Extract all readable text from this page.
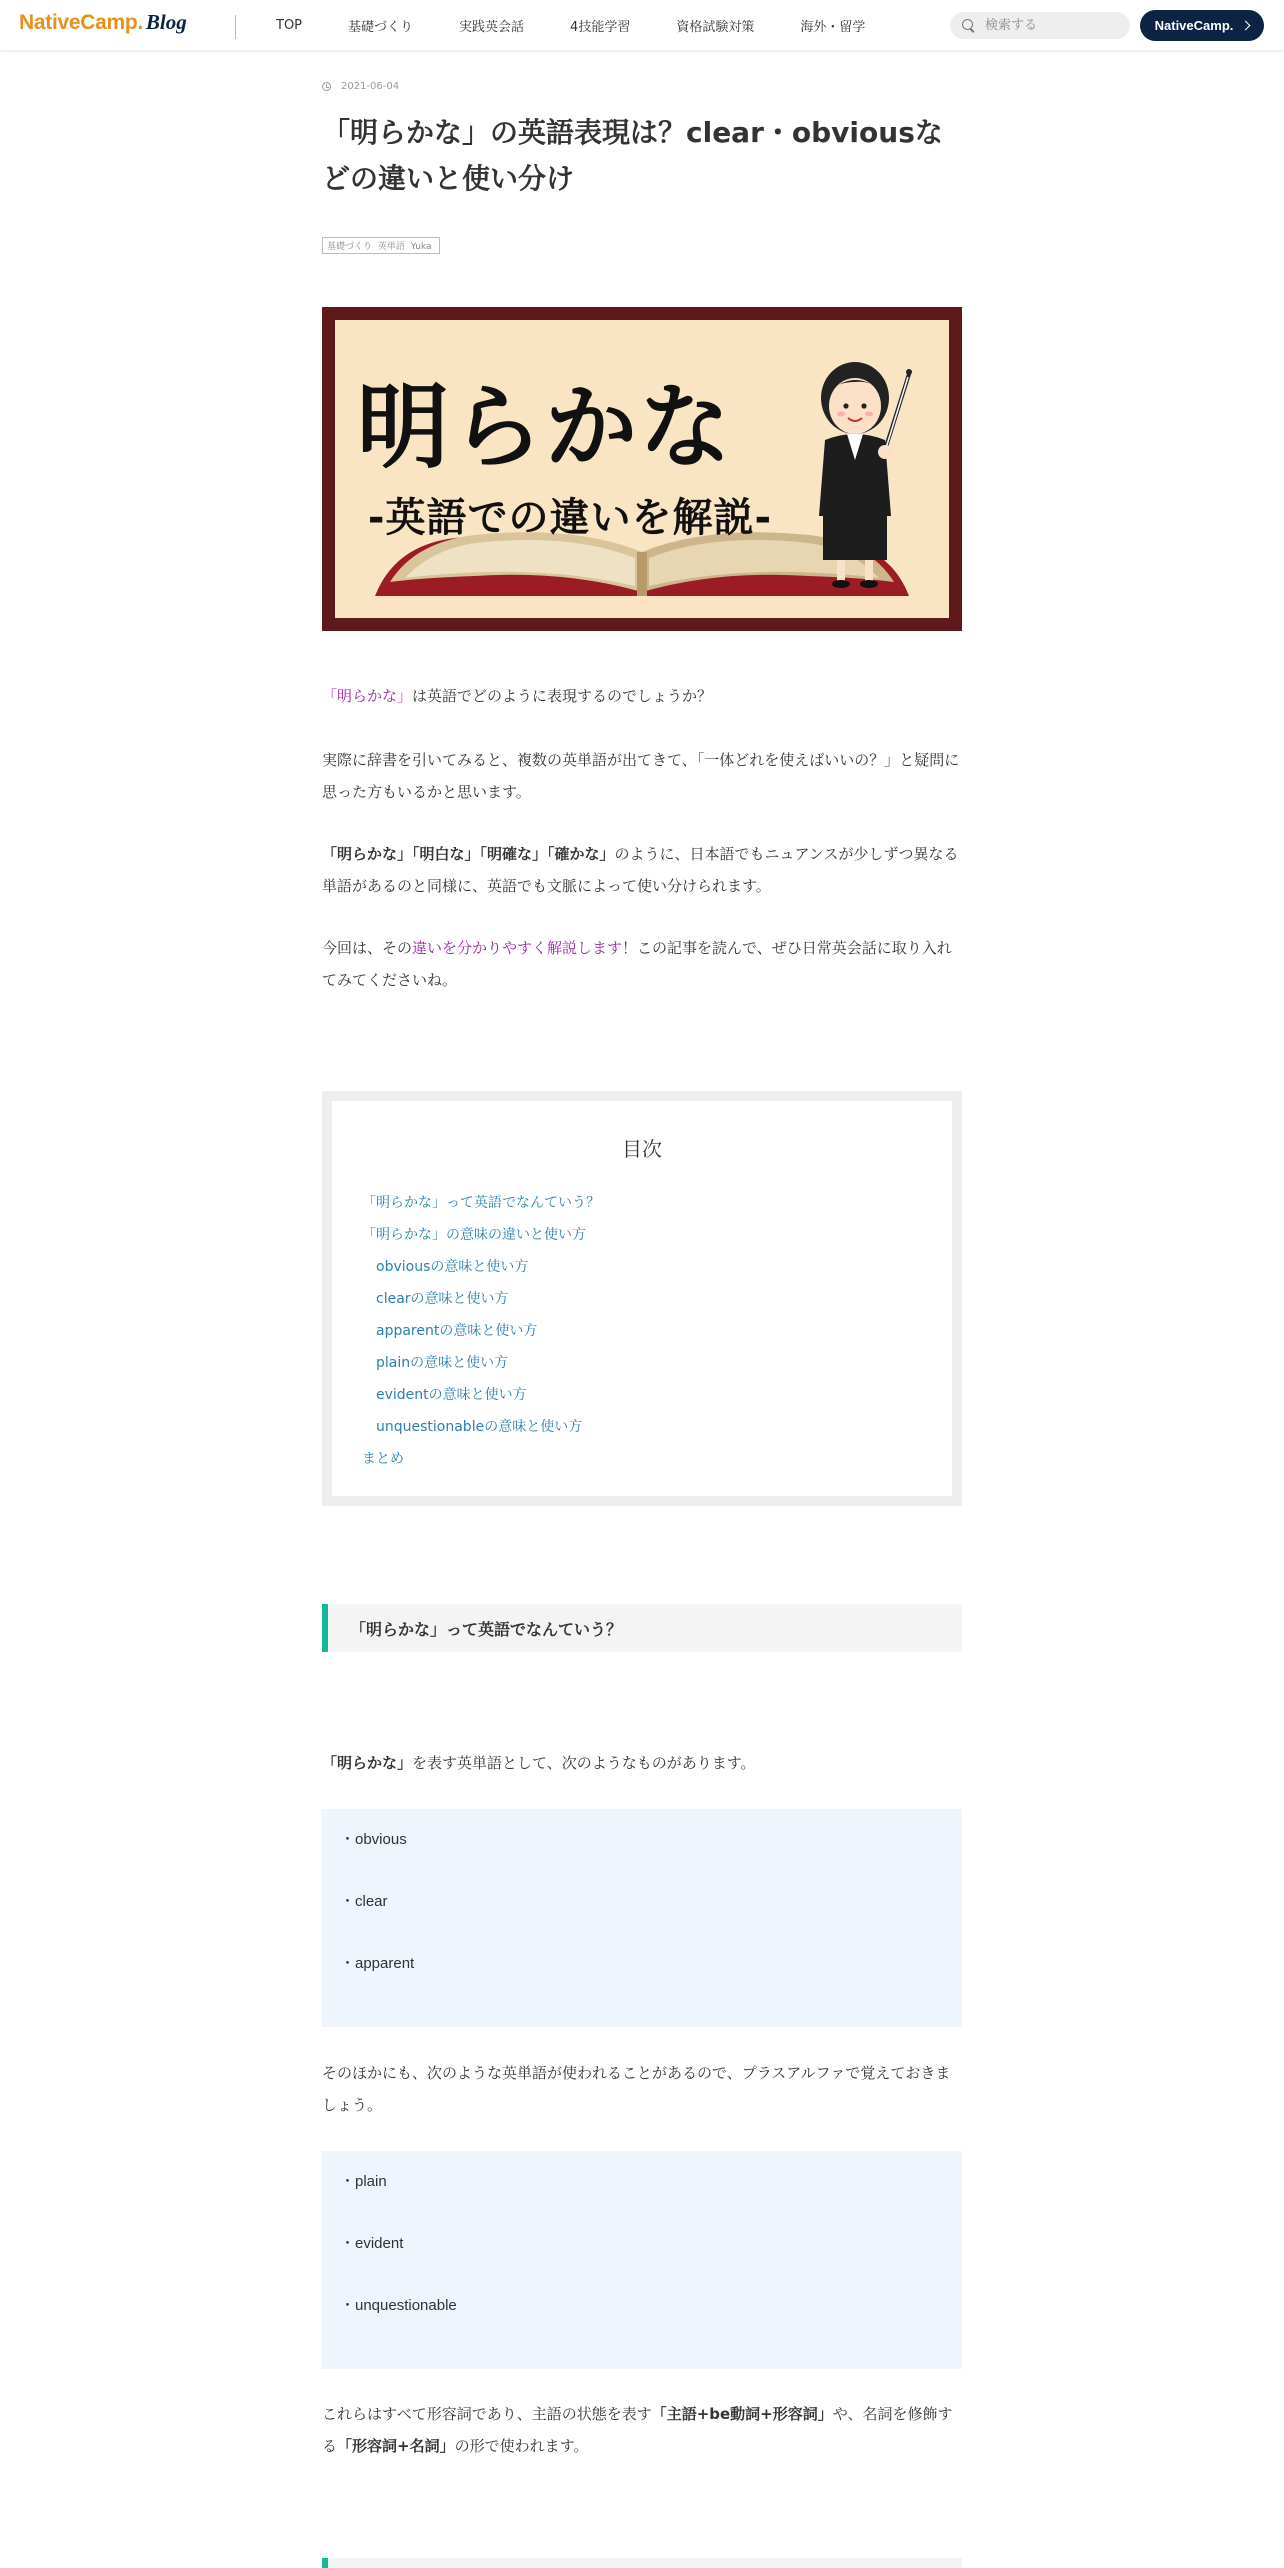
NativeCamp. Blog	TOP	基礎づくり	実践英会話	4技能学習	資格試験対策	海外・留学
検索する	NativeCamp.
2021-06-04
「明らかな」の英語表現は？clear・obviousなどの違いと使い分け
基礎づくり 英単語 Yuka
明らかな
-英語での違いを解説-

「明らかな」は英語でどのように表現するのでしょうか？

実際に辞書を引いてみると、複数の英単語が出てきて、「一体どれを使えばいいの？」と疑問に思った方もいるかと思います。

「明らかな」「明白な」「明確な」「確かな」のように、日本語でもニュアンスが少しずつ異なる単語があるのと同様に、英語でも文脈によって使い分けられます。

今回は、その違いを分かりやすく解説します！この記事を読んで、ぜひ日常英会話に取り入れてみてくださいね。

目次
「明らかな」って英語でなんていう？
「明らかな」の意味の違いと使い方
obviousの意味と使い方
clearの意味と使い方
apparentの意味と使い方
plainの意味と使い方
evidentの意味と使い方
unquestionableの意味と使い方
まとめ
「明らかな」って英語でなんていう？

「明らかな」を表す英単語として、次のようなものがあります。

・obvious
・clear
・apparent

そのほかにも、次のような英単語が使われることがあるので、プラスアルファで覚えておきましょう。

・plain
・evident
・unquestionable

これらはすべて形容詞であり、主語の状態を表す「主語+be動詞+形容詞」や、名詞を修飾する「形容詞+名詞」の形で使われます。
